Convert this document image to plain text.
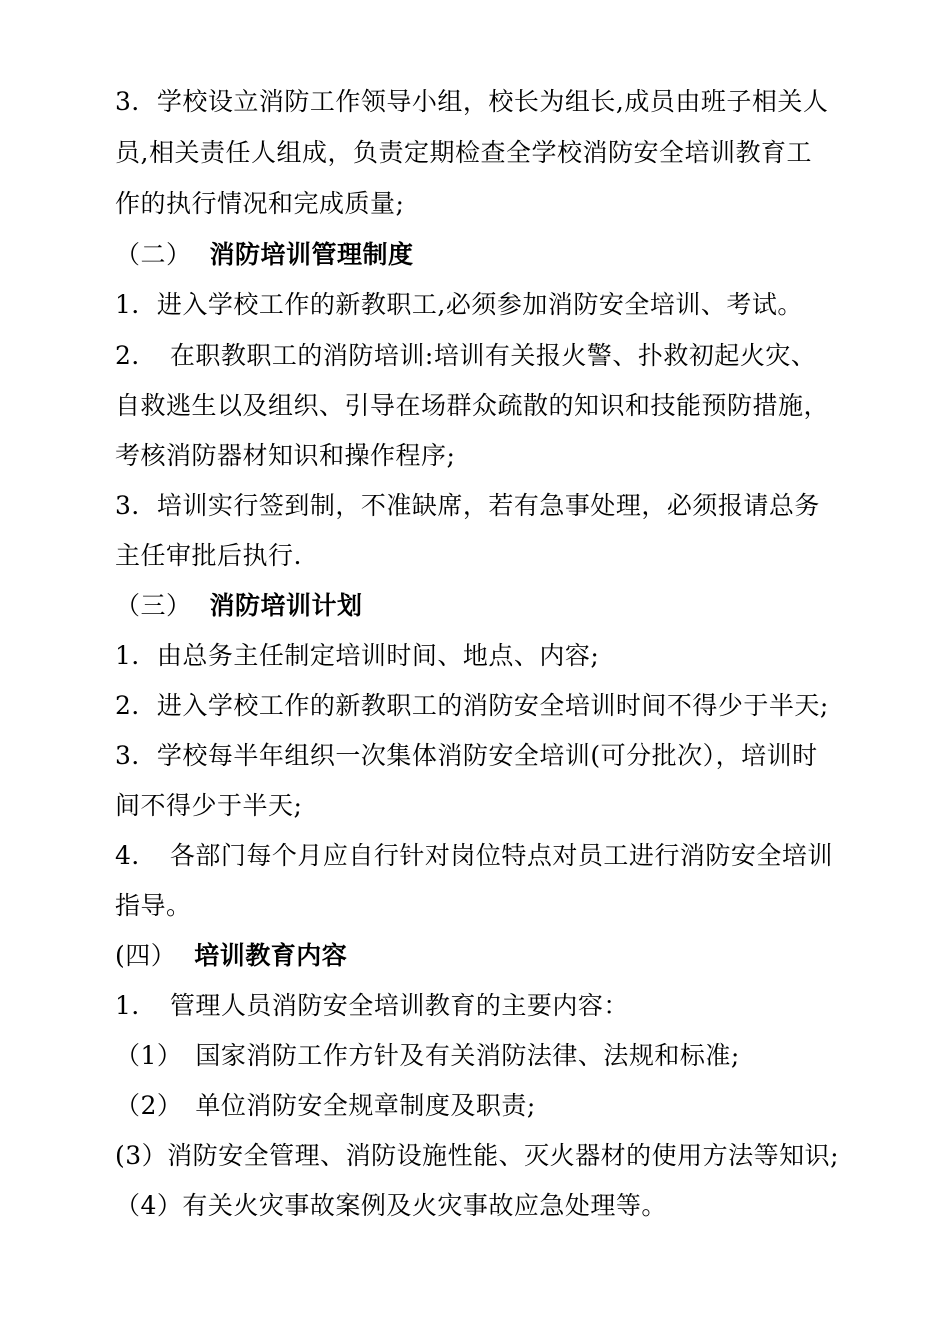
3．学校设立消防工作领导小组，校长为组长,成员由班子相关人
员,相关责任人组成，负责定期检查全学校消防安全培训教育工
作的执行情况和完成质量;
（二） 消防培训管理制度
1．进入学校工作的新教职工,必须参加消防安全培训、考试。
2．　在职教职工的消防培训:培训有关报火警、扑救初起火灾、
自救逃生以及组织、引导在场群众疏散的知识和技能预防措施，
考核消防器材知识和操作程序;
3．培训实行签到制，不准缺席，若有急事处理，必须报请总务
主任审批后执行.
（三） 消防培训计划
1．由总务主任制定培训时间、地点、内容;
2．进入学校工作的新教职工的消防安全培训时间不得少于半天;
3．学校每半年组织一次集体消防安全培训(可分批次），培训时
间不得少于半天;
4．　各部门每个月应自行针对岗位特点对员工进行消防安全培训
指导。
(四） 培训教育内容
1．　管理人员消防安全培训教育的主要内容：
（1）　国家消防工作方针及有关消防法律、法规和标准;
（2）　单位消防安全规章制度及职责;
(3）消防安全管理、消防设施性能、灭火器材的使用方法等知识;
（4）有关火灾事故案例及火灾事故应急处理等。
